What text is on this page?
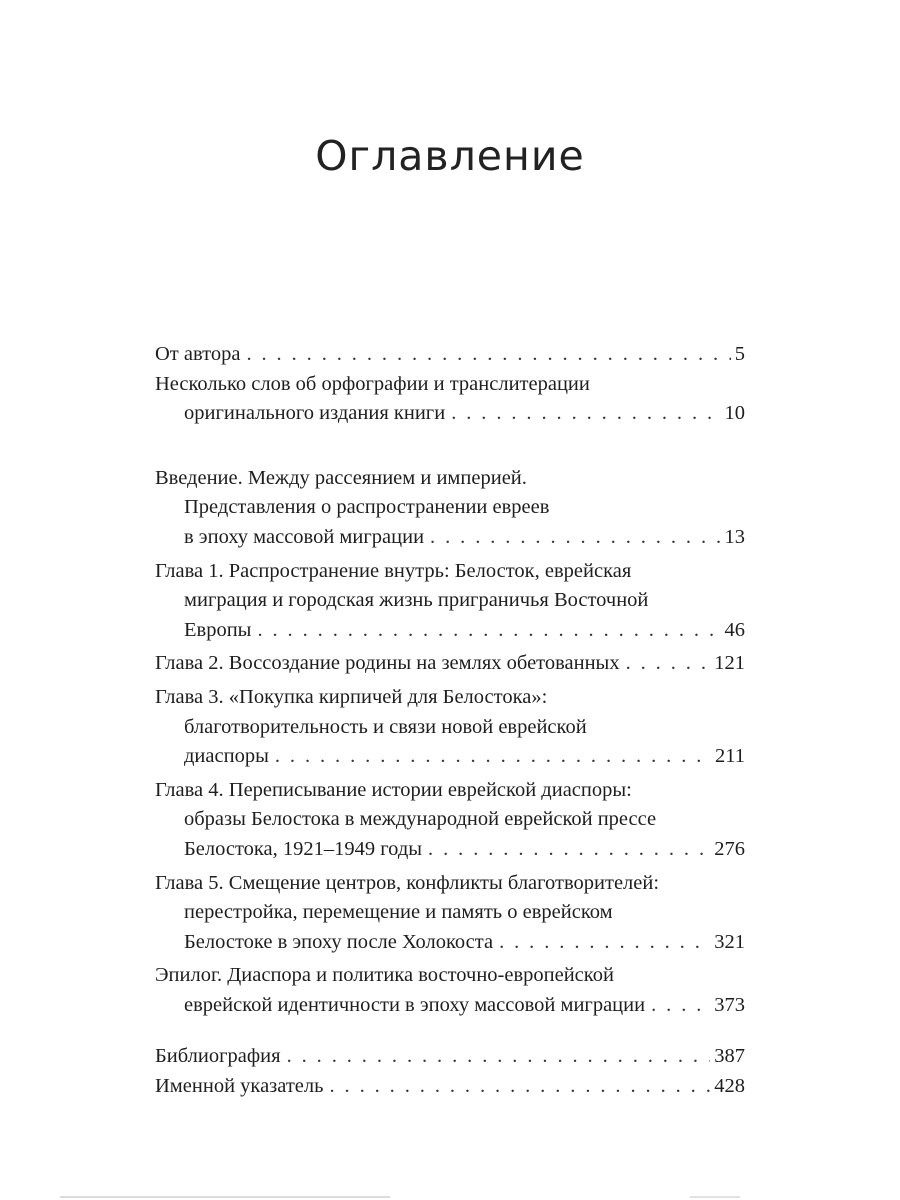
Оглавление
От автора . . .	5
Несколько слов об орфографии и транслитерации
оригинального издания книги . . .	10
Введение. Между рассеянием и империей.
Представления о распространении евреев
в эпоху массовой миграции . . .	13
Глава 1. Распространение внутрь: Белосток, еврейская
миграция и городская жизнь приграничья Восточной
Европы . . .	46
Глава 2. Воссоздание родины на землях обетованных . . .	121
Глава 3. «Покупка кирпичей для Белостока»:
благотворительность и связи новой еврейской
диаспоры . . .	211
Глава 4. Переписывание истории еврейской диаспоры:
образы Белостока в международной еврейской прессе
Белостока, 1921–1949 годы . . .	276
Глава 5. Смещение центров, конфликты благотворителей:
перестройка, перемещение и память о еврейском
Белостоке в эпоху после Холокоста . . .	321
Эпилог. Диаспора и политика восточно-европейской
еврейской идентичности в эпоху массовой миграции . . .	373
Библиография . . .	387
Именной указатель . . .	428
